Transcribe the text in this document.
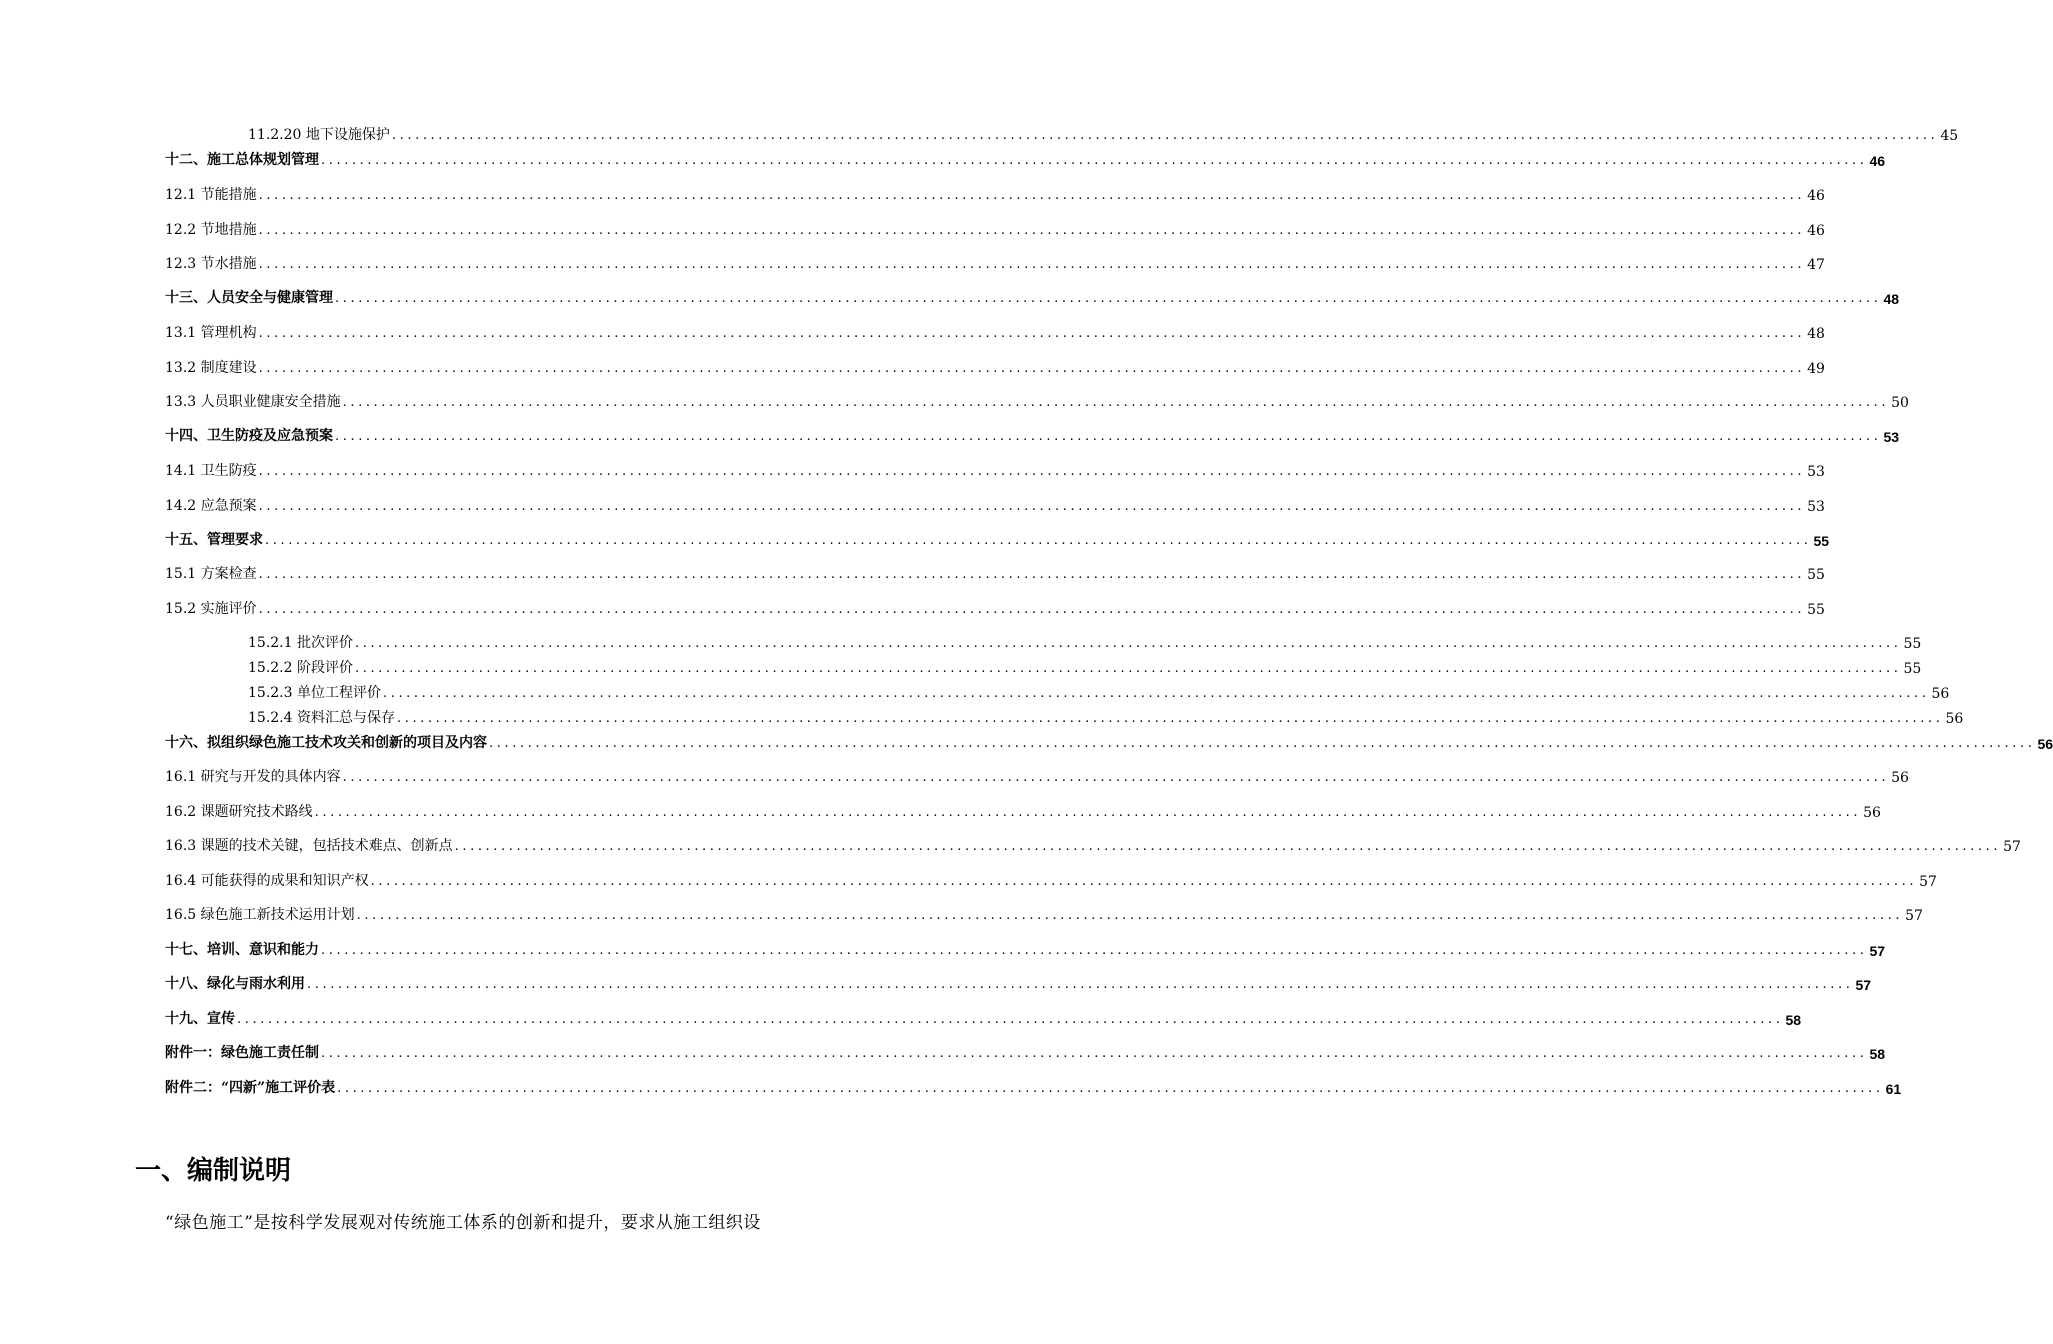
11.2.20 地下设施保护 ........................................................................................................................................................................................................ 45
十二、施工总体规划管理 ........................................................................................................................................................................................................ 46
12.1 节能措施 ........................................................................................................................................................................................................ 46
12.2 节地措施 ........................................................................................................................................................................................................ 46
12.3 节水措施 ........................................................................................................................................................................................................ 47
十三、人员安全与健康管理 ........................................................................................................................................................................................................ 48
13.1 管理机构 ........................................................................................................................................................................................................ 48
13.2 制度建设 ........................................................................................................................................................................................................ 49
13.3 人员职业健康安全措施 ........................................................................................................................................................................................................ 50
十四、卫生防疫及应急预案 ........................................................................................................................................................................................................ 53
14.1 卫生防疫 ........................................................................................................................................................................................................ 53
14.2 应急预案 ........................................................................................................................................................................................................ 53
十五、管理要求 ........................................................................................................................................................................................................ 55
15.1 方案检查 ........................................................................................................................................................................................................ 55
15.2 实施评价 ........................................................................................................................................................................................................ 55
15.2.1 批次评价 ........................................................................................................................................................................................................ 55
15.2.2 阶段评价 ........................................................................................................................................................................................................ 55
15.2.3 单位工程评价 ........................................................................................................................................................................................................ 56
15.2.4 资料汇总与保存 ........................................................................................................................................................................................................ 56
十六、拟组织绿色施工技术攻关和创新的项目及内容 ........................................................................................................................................................................................................ 56
16.1 研究与开发的具体内容 ........................................................................................................................................................................................................ 56
16.2 课题研究技术路线 ........................................................................................................................................................................................................ 56
16.3 课题的技术关键，包括技术难点、创新点 ........................................................................................................................................................................................................ 57
16.4 可能获得的成果和知识产权 ........................................................................................................................................................................................................ 57
16.5 绿色施工新技术运用计划 ........................................................................................................................................................................................................ 57
十七、培训、意识和能力 ........................................................................................................................................................................................................ 57
十八、绿化与雨水利用 ........................................................................................................................................................................................................ 57
十九、宣传 ........................................................................................................................................................................................................ 58
附件一：绿色施工责任制 ........................................................................................................................................................................................................ 58
附件二：“四新”施工评价表 ........................................................................................................................................................................................................ 61
一、编制说明

“绿色施工”是按科学发展观对传统施工体系的创新和提升，要求从施工组织设
